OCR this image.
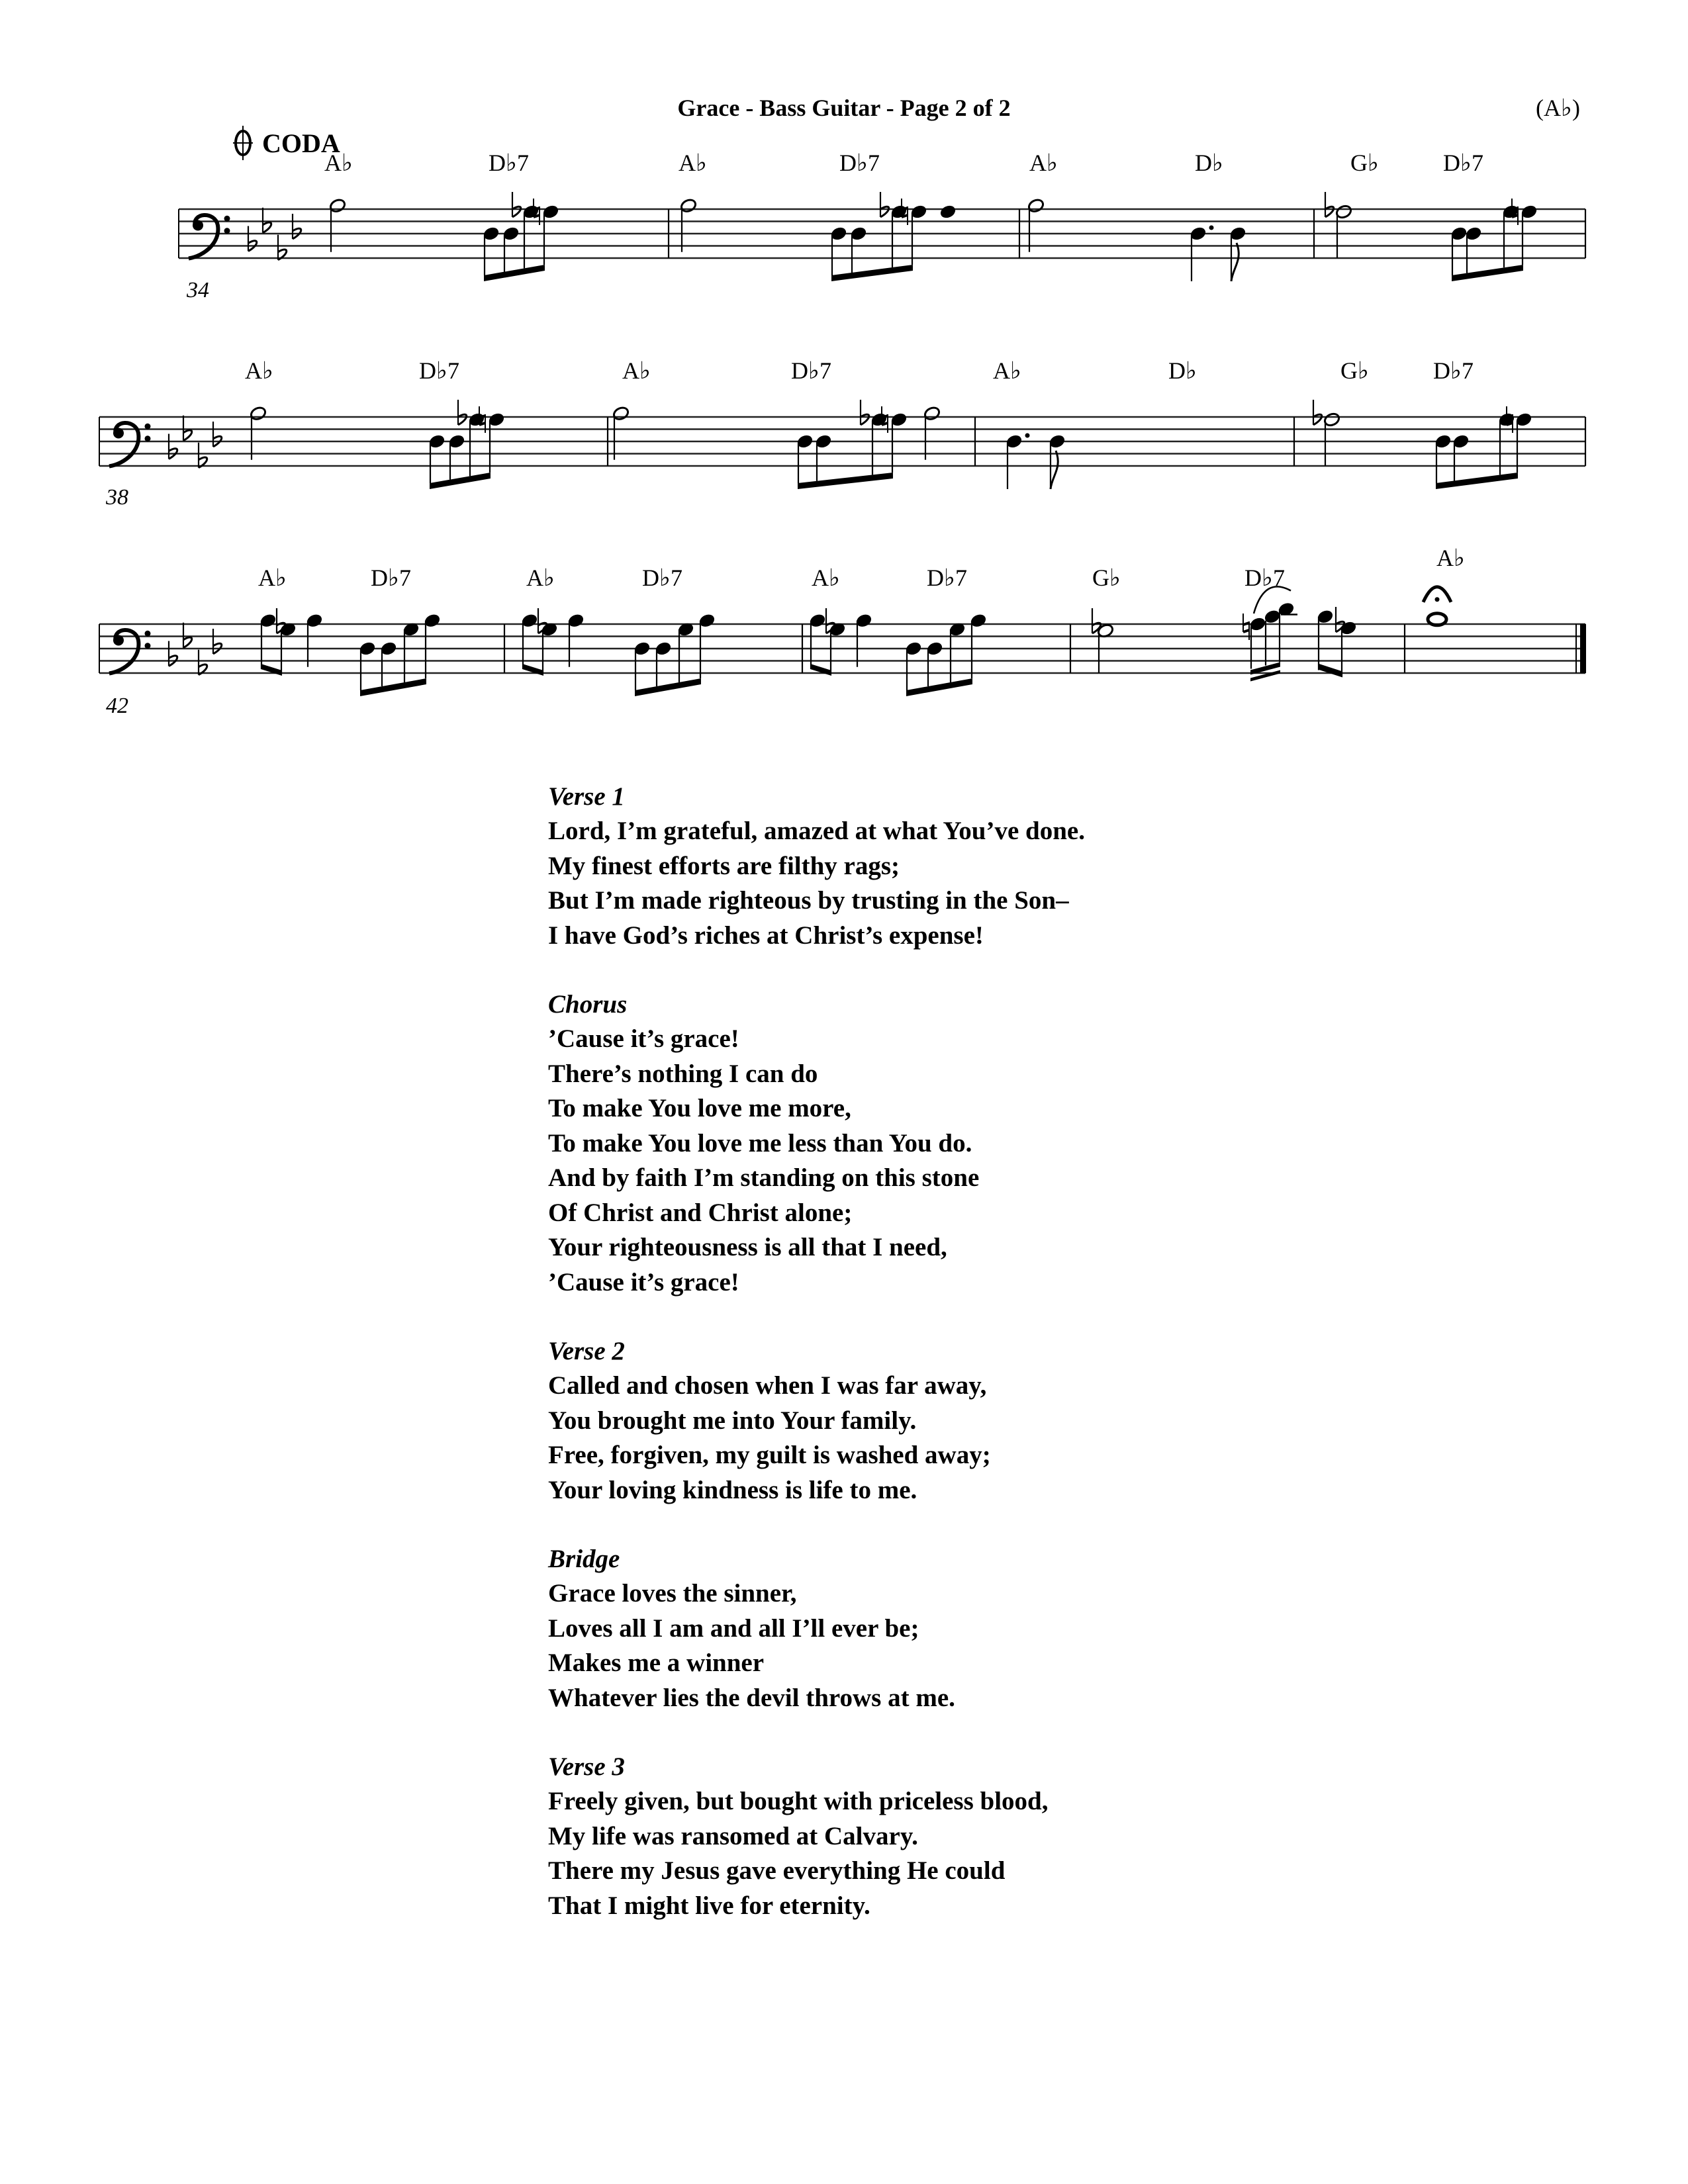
Grace - Bass Guitar - Page 2 of 2	(A♭)
CODA
A♭	D♭7	A♭	D♭7	A♭	D♭	G♭	D♭7
A♭	D♭7	A♭	D♭7	A♭	D♭	G♭	D♭7
A♭	D♭7	A♭	D♭7	A♭	D♭7	G♭	D♭7
A♭
34
38
42
Verse 1
Lord, I’m grateful, amazed at what You’ve done.
My finest efforts are filthy rags;
But I’m made righteous by trusting in the Son–
I have God’s riches at Christ’s expense!
Chorus
’Cause it’s grace!
There’s nothing I can do
To make You love me more,
To make You love me less than You do.
And by faith I’m standing on this stone
Of Christ and Christ alone;
Your righteousness is all that I need,
’Cause it’s grace!
Verse 2
Called and chosen when I was far away,
You brought me into Your family.
Free, forgiven, my guilt is washed away;
Your loving kindness is life to me.
Bridge
Grace loves the sinner,
Loves all I am and all I’ll ever be;
Makes me a winner
Whatever lies the devil throws at me.
Verse 3
Freely given, but bought with priceless blood,
My life was ransomed at Calvary.
There my Jesus gave everything He could
That I might live for eternity.
